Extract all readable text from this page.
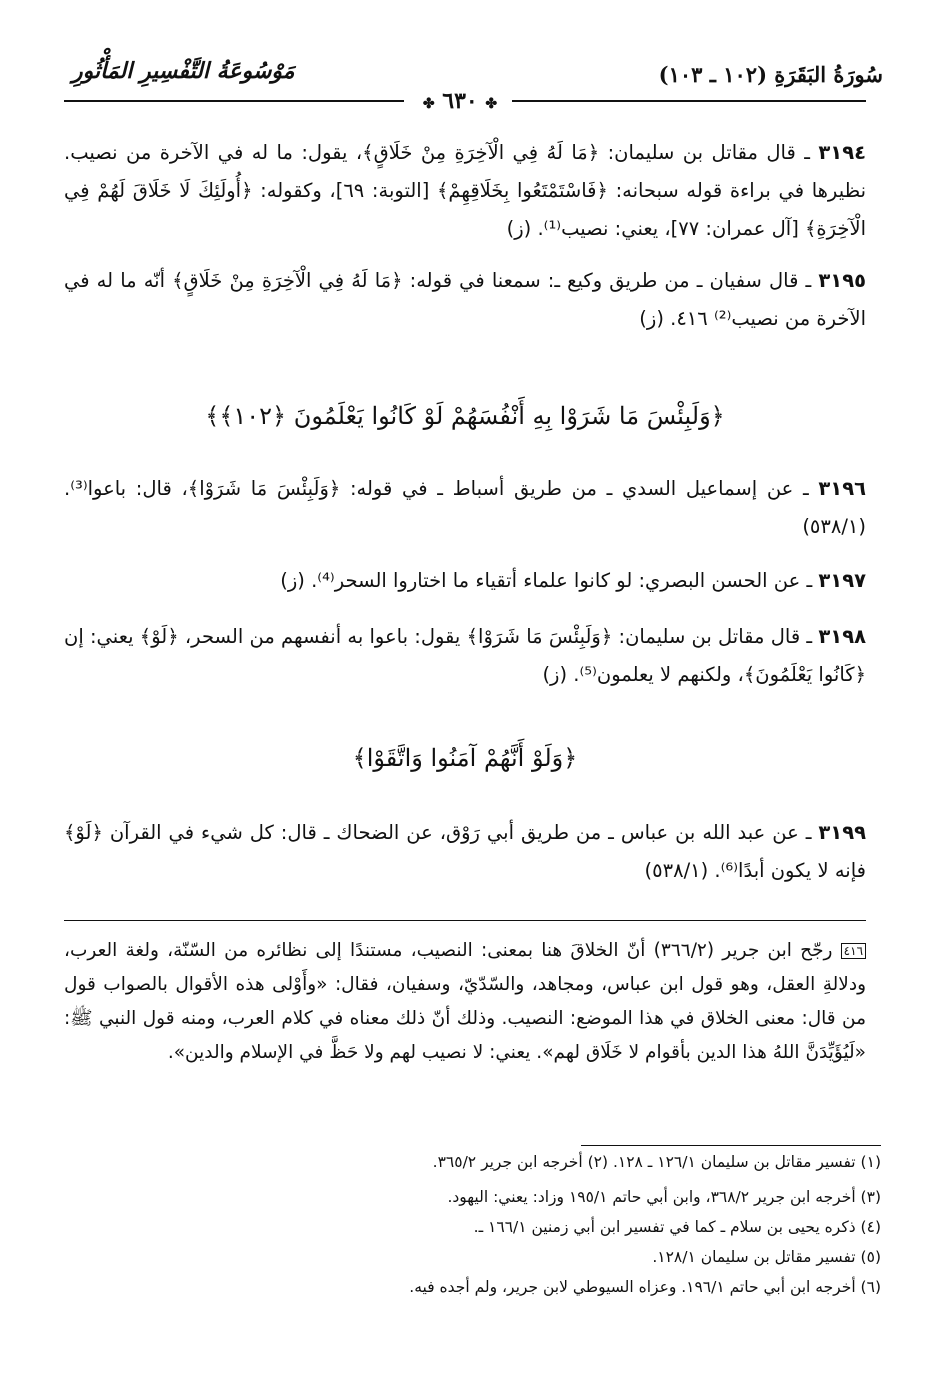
سُورَةُ البَقَرَةِ (١٠٢ ـ ١٠٣)
مَوْسُوعَةُ التَّفْسِيرِ المَأْثُورِ
✤ ٦٣٠ ✤
٣١٩٤ ـ قال مقاتل بن سليمان: ﴿مَا لَهُ فِي الْآخِرَةِ مِنْ خَلَاقٍ﴾، يقول: ما له في الآخرة من نصيب. نظيرها في براءة قوله سبحانه: ﴿فَاسْتَمْتَعُوا بِخَلَاقِهِمْ﴾ [التوبة: ٦٩]، وكقوله: ﴿أُولَئِكَ لَا خَلَاقَ لَهُمْ فِي الْآخِرَةِ﴾ [آل عمران: ٧٧]، يعني: نصيب⁽¹⁾. (ز)
٣١٩٥ ـ قال سفيان ـ من طريق وكيع ـ: سمعنا في قوله: ﴿مَا لَهُ فِي الْآخِرَةِ مِنْ خَلَاقٍ﴾ أنّه ما له في الآخرة من نصيب⁽²⁾ ٤١٦. (ز)
﴿وَلَبِئْسَ مَا شَرَوْا بِهِ أَنْفُسَهُمْ لَوْ كَانُوا يَعْلَمُونَ ﴿١٠٢﴾﴾
٣١٩٦ ـ عن إسماعيل السدي ـ من طريق أسباط ـ في قوله: ﴿وَلَبِئْسَ مَا شَرَوْا﴾، قال: باعوا⁽³⁾. (٥٣٨/١)
٣١٩٧ ـ عن الحسن البصري: لو كانوا علماء أتقياء ما اختاروا السحر⁽⁴⁾. (ز)
٣١٩٨ ـ قال مقاتل بن سليمان: ﴿وَلَبِئْسَ مَا شَرَوْا﴾ يقول: باعوا به أنفسهم من السحر، ﴿لَوْ﴾ يعني: إن ﴿كَانُوا يَعْلَمُونَ﴾، ولكنهم لا يعلمون⁽⁵⁾. (ز)
﴿وَلَوْ أَنَّهُمْ آمَنُوا وَاتَّقَوْا﴾
٣١٩٩ ـ عن عبد الله بن عباس ـ من طريق أبي رَوْق، عن الضحاك ـ قال: كل شيء في القرآن ﴿لَوْ﴾ فإنه لا يكون أبدًا⁽⁶⁾. (٥٣٨/١)
٤١٦ رجّح ابن جرير (٣٦٦/٢) أنّ الخلاقَ هنا بمعنى: النصيب، مستندًا إلى نظائره من السّنّة، ولغة العرب، ودلالةِ العقل، وهو قول ابن عباس، ومجاهد، والسّدّيّ، وسفيان، فقال: «وأَوْلى هذه الأقوال بالصواب قول من قال: معنى الخلاق في هذا الموضع: النصيب. وذلك أنّ ذلك معناه في كلام العرب، ومنه قول النبي ﷺ: «لَيُؤَيِّدَنَّ اللهُ هذا الدين بأقوام لا خَلَاق لهم». يعني: لا نصيب لهم ولا حَظَّ في الإسلام والدين».
(١) تفسير مقاتل بن سليمان ١٢٦/١ ـ ١٢٨. (٢) أخرجه ابن جرير ٣٦٥/٢.
(٣) أخرجه ابن جرير ٣٦٨/٢، وابن أبي حاتم ١٩٥/١ وزاد: يعني: اليهود.
(٤) ذكره يحيى بن سلام ـ كما في تفسير ابن أبي زمنين ١٦٦/١ ـ.
(٥) تفسير مقاتل بن سليمان ١٢٨/١.
(٦) أخرجه ابن أبي حاتم ١٩٦/١. وعزاه السيوطي لابن جرير، ولم أجده فيه.
